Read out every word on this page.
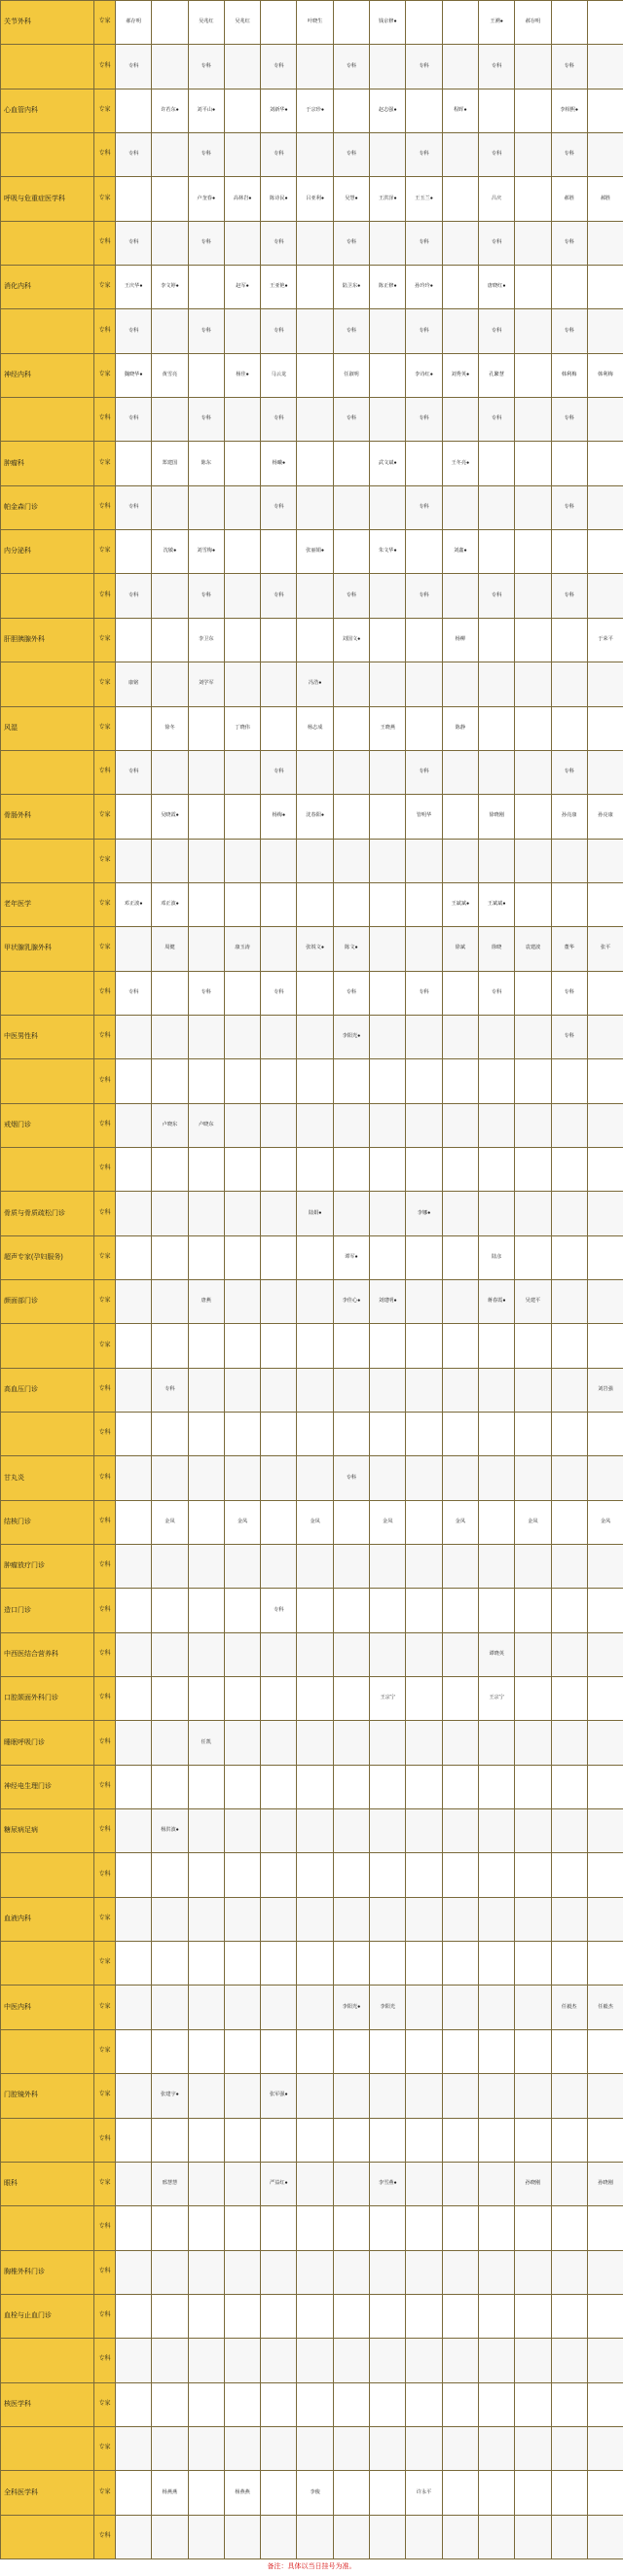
关节外科	专家	郝存明		吴兆红	吴兆红		叶晓生		钱京修●			王溯●	郝存明		
	专科	专科		专科		专科		专科		专科		专科		专科	
心血管内科	专家		许若东●	刘平山●		刘新华●	于宗珍●		赵志强●		程晖●			李相熙●	
	专科	专科		专科		专科		专科		专科		专科		专科	
呼吸与危重症医学科	专家			卢奎春●	高林岩●	陈诗民●	吕亚利●	吴慧●	王洪泽●	王玉兰●		吕庆		郝胜	郝胜
	专科	专科		专科		专科		专科		专科		专科		专科	
消化内科	专家	王庆华●	李文婷●		赵军●	王亚艳●		陆卫东●	陈正修●	孙玲玲●		唐晓红●			
	专科	专科		专科		专科		专科		专科		专科		专科	
神经内科	专家	魏晓华●	黄雪亮		杨佳●	马云龙		任淑明		李诗红●	刘秀英●	孔繁慧		韩利梅	韩利梅
	专科	专科		专科		专科		专科		专科		专科		专科	
肿瘤科	专家		郑建国	陈东		杨曦●			武文斌●		王冬亮●				
帕金森门诊	专科	专科				专科				专科				专科	
内分泌科	专家		沈敏●	刘雪梅●			张丽娟●		朱文华●		刘鑫●				
	专科	专科		专科		专科		专科		专科		专科		专科	
肝胆胰腺外科	专家			李卫东				刘国文●			杨柳				于荣平
	专家	康铭		刘学军			冯浩●								
风湿	专家		徐冬		丁晓伟		杨志成		王晓燕		陈静				
	专科	专科				专科				专科				专科	
骨肠外科	专家		吴晓霞●			杨梅●	沈春阳●			管明华		徐晓刚		孙亮康	孙亮康
	专家														
老年医学	专家	邓正波●	邓正波●								王斌斌●	王斌斌●			
甲状腺乳腺外科	专家		周健		康玉涛		张锐文●	陈文●			徐斌	徐晓	袁建波	董华	张平
	专科	专科		专科		专科		专科		专科		专科		专科	
中医男性科	专科							李阳光●						专科	
	专科														
戒烟门诊	专科		卢晓东	卢晓东											
	专科														
骨质与骨质疏松门诊	专科						陆娟●			李娜●					
超声专家(孕妇服务)	专家							谭军●				陆彦			
颜面部门诊	专家			唐燕				李佳心●	刘建明●			蒋春霞●	吴建平		
	专家														
高血压门诊	专科		专科												刘岩强
	专科														
甘丸炎	专科							专科							
结核门诊	专科		金凤		金凤		金凤		金凤		金凤		金凤		金凤
肿瘤放疗门诊	专科														
造口门诊	专科					专科									
中西医结合营养科	专科											谭晓英			
口腔颌面外科门诊	专科								王宗宁			王宗宁			
睡眠呼吸门诊	专科			任凯											
神经电生理门诊	专科														
糖尿病足病	专科		杨洪波●												
	专科														
血液内科	专家														
	专家														
中医内科	专家							李阳光●	李阳光					任毅杰	任毅杰
	专家														
门腔镜外科	专家		张建宇●			张军强●									
	专科														
眼科	专家		邢慧慧			严益红●			李雪燕●				孙晓刚		孙晓刚
	专科														
胸椎外科门诊	专科														
血栓与止血门诊	专科														
	专科														
核医学科	专家														
	专家														
全科医学科	专家		杨燕燕		杨燕燕		李俊			许永平					
	专科														
备注：具体以当日挂号为准。
